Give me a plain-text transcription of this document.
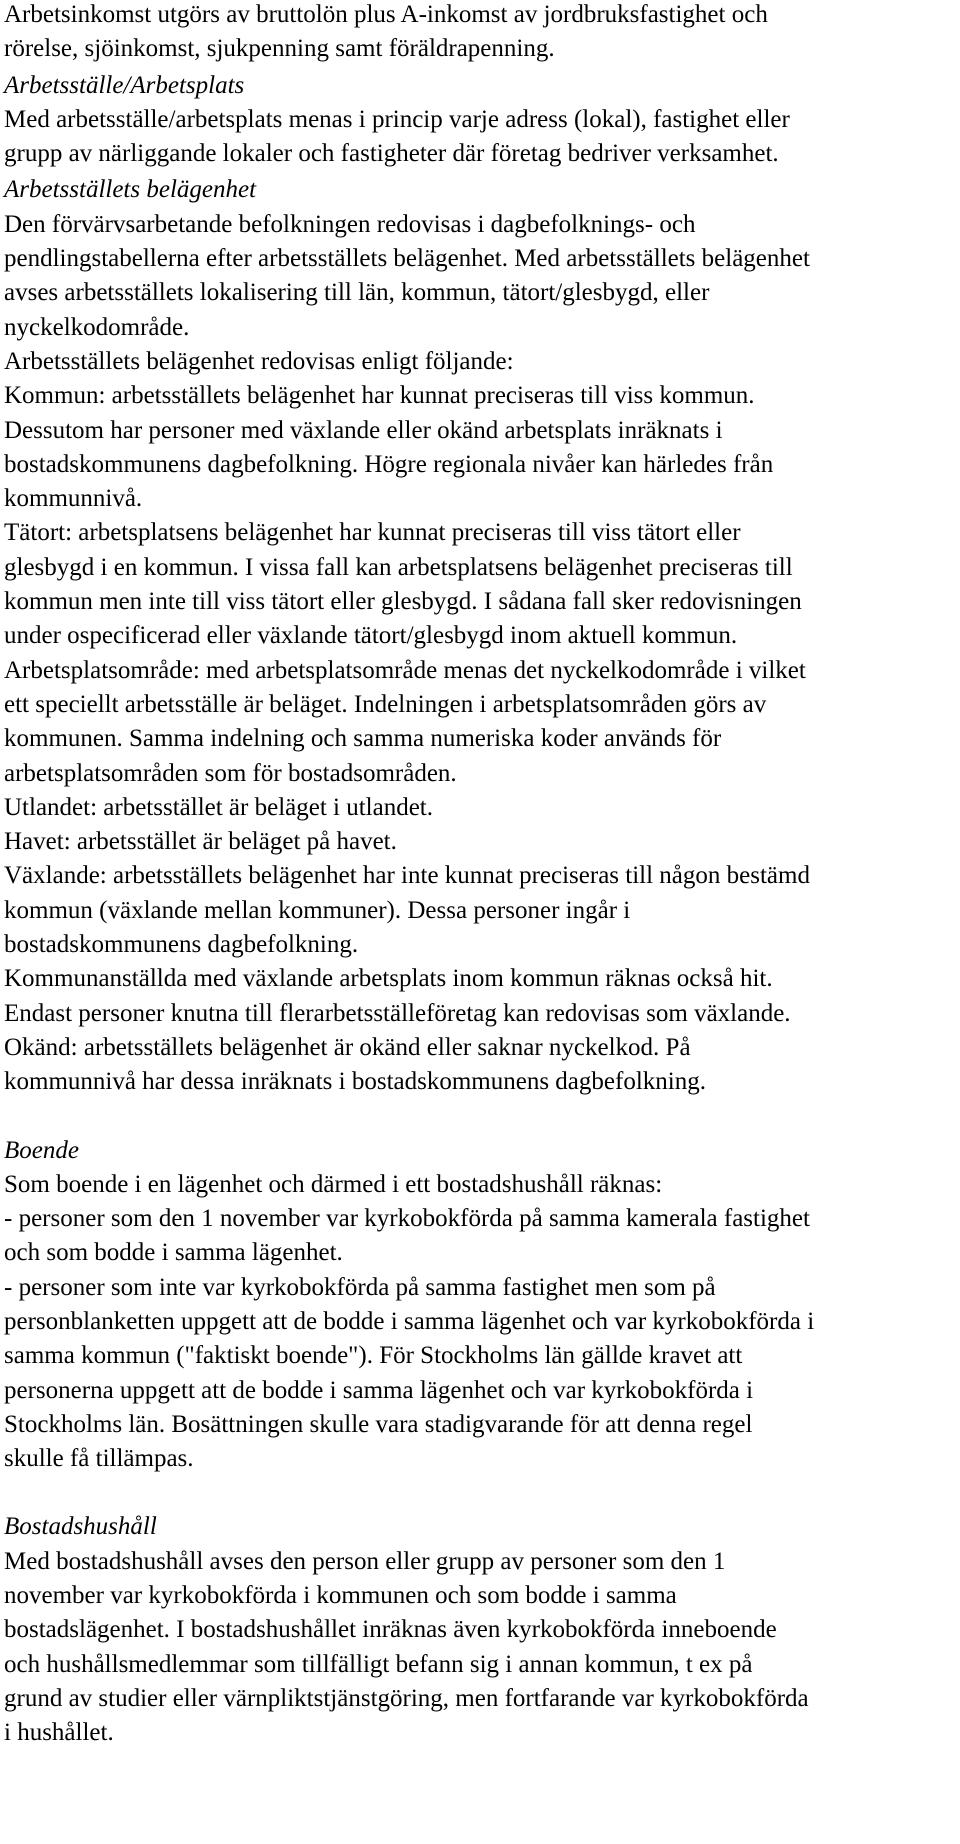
Arbetsinkomst utgörs av bruttolön plus A-inkomst av jordbruksfastighet och

rörelse, sjöinkomst, sjukpenning samt föräldrapenning.

Arbetsställe/Arbetsplats

Med arbetsställe/arbetsplats menas i princip varje adress (lokal), fastighet eller

grupp av närliggande lokaler och fastigheter där företag bedriver verksamhet.

Arbetsställets belägenhet

Den förvärvsarbetande befolkningen redovisas i dagbefolknings- och

pendlingstabellerna efter arbetsställets belägenhet. Med arbetsställets belägenhet

avses arbetsställets lokalisering till län, kommun, tätort/glesbygd, eller

nyckelkodområde.

Arbetsställets belägenhet redovisas enligt följande:

Kommun: arbetsställets belägenhet har kunnat preciseras till viss kommun.

Dessutom har personer med växlande eller okänd arbetsplats inräknats i

bostadskommunens dagbefolkning. Högre regionala nivåer kan härledes från

kommunnivå.

Tätort: arbetsplatsens belägenhet har kunnat preciseras till viss tätort eller

glesbygd i en kommun. I vissa fall kan arbetsplatsens belägenhet preciseras till

kommun men inte till viss tätort eller glesbygd. I sådana fall sker redovisningen

under ospecificerad eller växlande tätort/glesbygd inom aktuell kommun.

Arbetsplatsområde: med arbetsplatsområde menas det nyckelkodområde i vilket

ett speciellt arbetsställe är beläget. Indelningen i arbetsplatsområden görs av

kommunen. Samma indelning och samma numeriska koder används för

arbetsplatsområden som för bostadsområden.

Utlandet: arbetsstället är beläget i utlandet.

Havet: arbetsstället är beläget på havet.

Växlande: arbetsställets belägenhet har inte kunnat preciseras till någon bestämd

kommun (växlande mellan kommuner). Dessa personer ingår i

bostadskommunens dagbefolkning.

Kommunanställda med växlande arbetsplats inom kommun räknas också hit.

Endast personer knutna till flerarbetsställeföretag kan redovisas som växlande.

Okänd: arbetsställets belägenhet är okänd eller saknar nyckelkod. På

kommunnivå har dessa inräknats i bostadskommunens dagbefolkning.

Boende

Som boende i en lägenhet och därmed i ett bostadshushåll räknas:

- personer som den 1 november var kyrkobokförda på samma kamerala fastighet

och som bodde i samma lägenhet.

- personer som inte var kyrkobokförda på samma fastighet men som på

personblanketten uppgett att de bodde i samma lägenhet och var kyrkobokförda i

samma kommun ("faktiskt boende"). För Stockholms län gällde kravet att

personerna uppgett att de bodde i samma lägenhet och var kyrkobokförda i

Stockholms län. Bosättningen skulle vara stadigvarande för att denna regel

skulle få tillämpas.

Bostadshushåll

Med bostadshushåll avses den person eller grupp av personer som den 1

november var kyrkobokförda i kommunen och som bodde i samma

bostadslägenhet. I bostadshushållet inräknas även kyrkobokförda inneboende

och hushållsmedlemmar som tillfälligt befann sig i annan kommun, t ex på

grund av studier eller värnpliktstjänstgöring, men fortfarande var kyrkobokförda

i hushållet.
